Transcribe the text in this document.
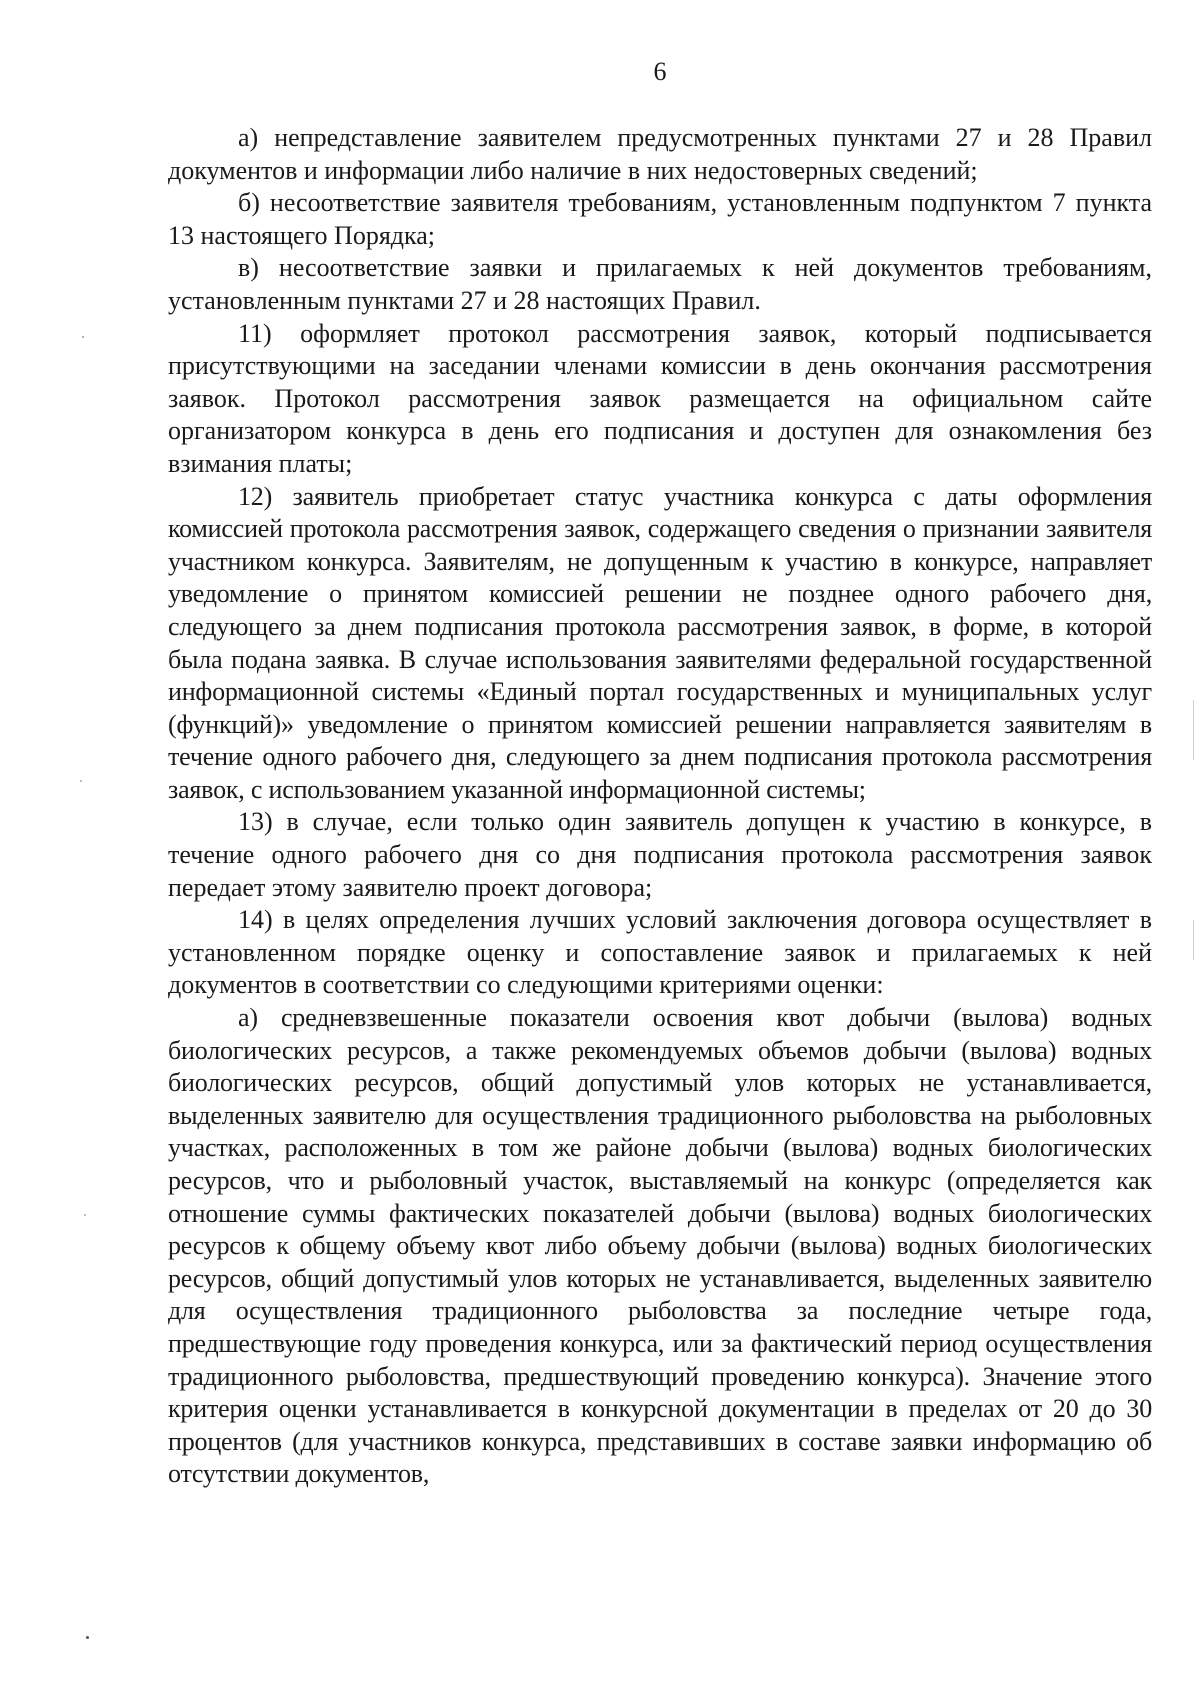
6

а) непредставление заявителем предусмотренных пунктами 27 и 28 Правил документов и информации либо наличие в них недостоверных сведений;

б) несоответствие заявителя требованиям, установленным подпунктом 7 пункта 13 настоящего Порядка;

в) несоответствие заявки и прилагаемых к ней документов требованиям, установленным пунктами 27 и 28 настоящих Правил.

11) оформляет протокол рассмотрения заявок, который подписывается присутствующими на заседании членами комиссии в день окончания рассмотрения заявок. Протокол рассмотрения заявок размещается на официальном сайте организатором конкурса в день его подписания и доступен для ознакомления без взимания платы;

12) заявитель приобретает статус участника конкурса с даты оформления комиссией протокола рассмотрения заявок, содержащего сведения о признании заявителя участником конкурса. Заявителям, не допущенным к участию в конкурсе, направляет уведомление о принятом комиссией решении не позднее одного рабочего дня, следующего за днем подписания протокола рассмотрения заявок, в форме, в которой была подана заявка. В случае использования заявителями федеральной государственной информационной системы «Единый портал государственных и муниципальных услуг (функций)» уведомление о принятом комиссией решении направляется заявителям в течение одного рабочего дня, следующего за днем подписания протокола рассмотрения заявок, с использованием указанной информационной системы;

13) в случае, если только один заявитель допущен к участию в конкурсе, в течение одного рабочего дня со дня подписания протокола рассмотрения заявок передает этому заявителю проект договора;

14) в целях определения лучших условий заключения договора осуществляет в установленном порядке оценку и сопоставление заявок и прилагаемых к ней документов в соответствии со следующими критериями оценки:

а) средневзвешенные показатели освоения квот добычи (вылова) водных биологических ресурсов, а также рекомендуемых объемов добычи (вылова) водных биологических ресурсов, общий допустимый улов которых не устанавливается, выделенных заявителю для осуществления традиционного рыболовства на рыболовных участках, расположенных в том же районе добычи (вылова) водных биологических ресурсов, что и рыболовный участок, выставляемый на конкурс (определяется как отношение суммы фактических показателей добычи (вылова) водных биологических ресурсов к общему объему квот либо объему добычи (вылова) водных биологических ресурсов, общий допустимый улов которых не устанавливается, выделенных заявителю для осуществления традиционного рыболовства за последние четыре года, предшествующие году проведения конкурса, или за фактический период осуществления традиционного рыболовства, предшествующий проведению конкурса). Значение этого критерия оценки устанавливается в конкурсной документации в пределах от 20 до 30 процентов (для участников конкурса, представивших в составе заявки информацию об отсутствии документов,
